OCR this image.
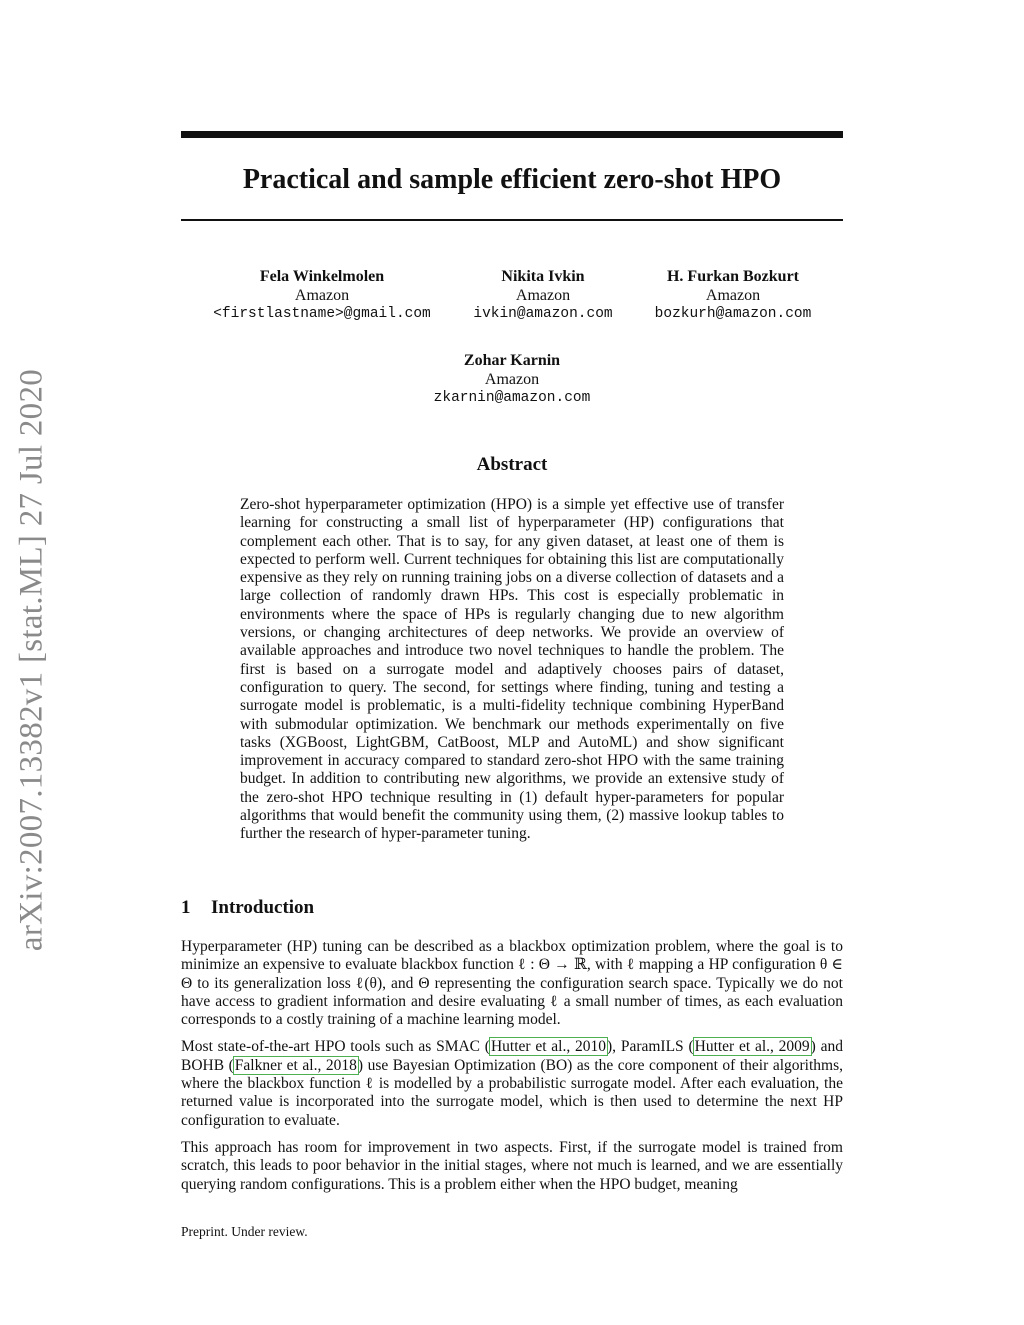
arXiv:2007.13382v1 [stat.ML] 27 Jul 2020
Practical and sample efficient zero-shot HPO
Fela Winkelmolen
Amazon
<firstlastname>@gmail.com
Nikita Ivkin
Amazon
ivkin@amazon.com
H. Furkan Bozkurt
Amazon
bozkurh@amazon.com
Zohar Karnin
Amazon
zkarnin@amazon.com
Abstract
Zero-shot hyperparameter optimization (HPO) is a simple yet effective use of transfer learning for constructing a small list of hyperparameter (HP) configurations that complement each other. That is to say, for any given dataset, at least one of them is expected to perform well. Current techniques for obtaining this list are computationally expensive as they rely on running training jobs on a diverse collection of datasets and a large collection of randomly drawn HPs. This cost is especially problematic in environments where the space of HPs is regularly changing due to new algorithm versions, or changing architectures of deep networks. We provide an overview of available approaches and introduce two novel techniques to handle the problem. The first is based on a surrogate model and adaptively chooses pairs of dataset, configuration to query. The second, for settings where finding, tuning and testing a surrogate model is problematic, is a multi-fidelity technique combining HyperBand with submodular optimization. We benchmark our methods experimentally on five tasks (XGBoost, LightGBM, CatBoost, MLP and AutoML) and show significant improvement in accuracy compared to standard zero-shot HPO with the same training budget. In addition to contributing new algorithms, we provide an extensive study of the zero-shot HPO technique resulting in (1) default hyper-parameters for popular algorithms that would benefit the community using them, (2) massive lookup tables to further the research of hyper-parameter tuning.
1 Introduction

Hyperparameter (HP) tuning can be described as a blackbox optimization problem, where the goal is to minimize an expensive to evaluate blackbox function ℓ : Θ → ℝ, with ℓ mapping a HP configuration θ ∈ Θ to its generalization loss ℓ(θ), and Θ representing the configuration search space. Typically we do not have access to gradient information and desire evaluating ℓ a small number of times, as each evaluation corresponds to a costly training of a machine learning model.

Most state-of-the-art HPO tools such as SMAC (Hutter et al., 2010), ParamILS (Hutter et al., 2009) and BOHB (Falkner et al., 2018) use Bayesian Optimization (BO) as the core component of their algorithms, where the blackbox function ℓ is modelled by a probabilistic surrogate model. After each evaluation, the returned value is incorporated into the surrogate model, which is then used to determine the next HP configuration to evaluate.

This approach has room for improvement in two aspects. First, if the surrogate model is trained from scratch, this leads to poor behavior in the initial stages, where not much is learned, and we are essentially querying random configurations. This is a problem either when the HPO budget, meaning

Preprint. Under review.
